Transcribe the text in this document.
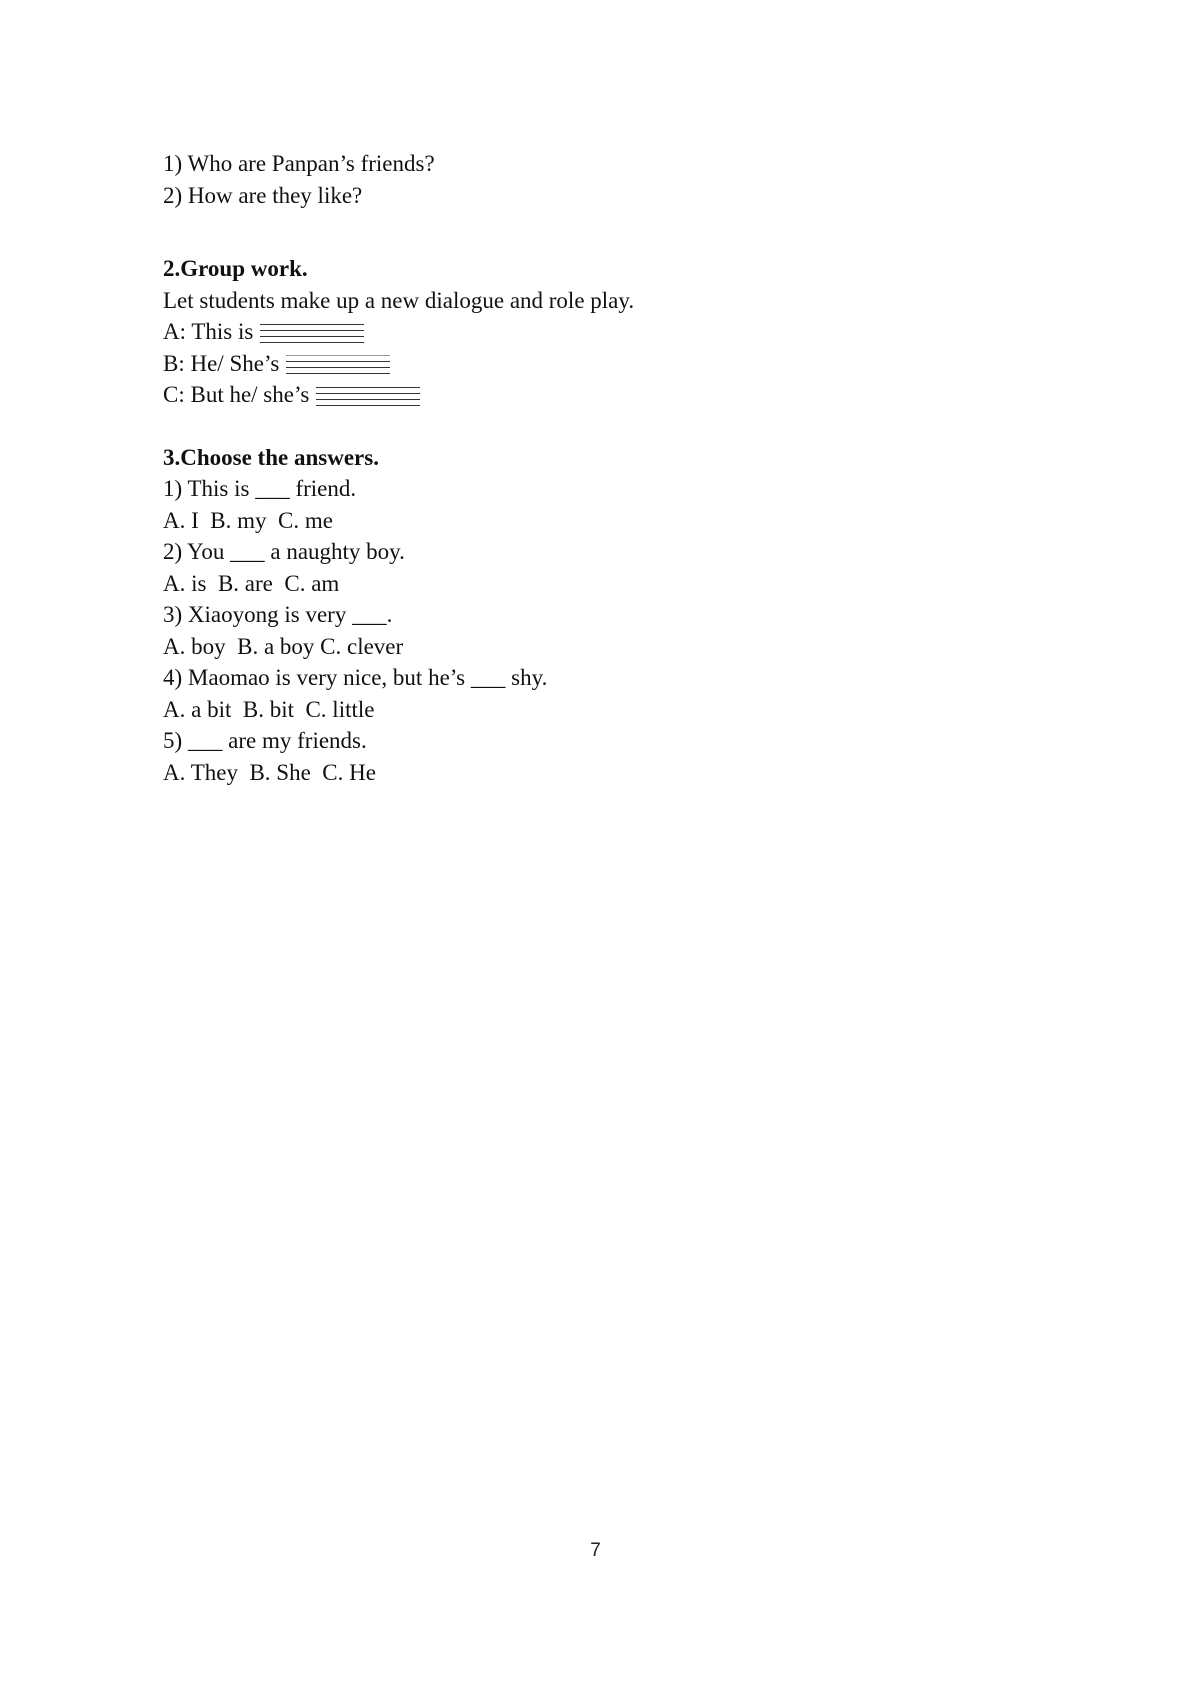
1) Who are Panpan’s friends?
2) How are they like?
2.Group work.
Let students make up a new dialogue and role play.
A: This is

B: He/ She’s

C: But he/ she’s

3.Choose the answers.
1) This is ___ friend.
A. I  B. my  C. me
2) You ___ a naughty boy.
A. is  B. are  C. am
3) Xiaoyong is very ___.
A. boy  B. a boy C. clever
4) Maomao is very nice, but he’s ___ shy.
A. a bit  B. bit  C. little
5) ___ are my friends.
A. They  B. She  C. He
7
